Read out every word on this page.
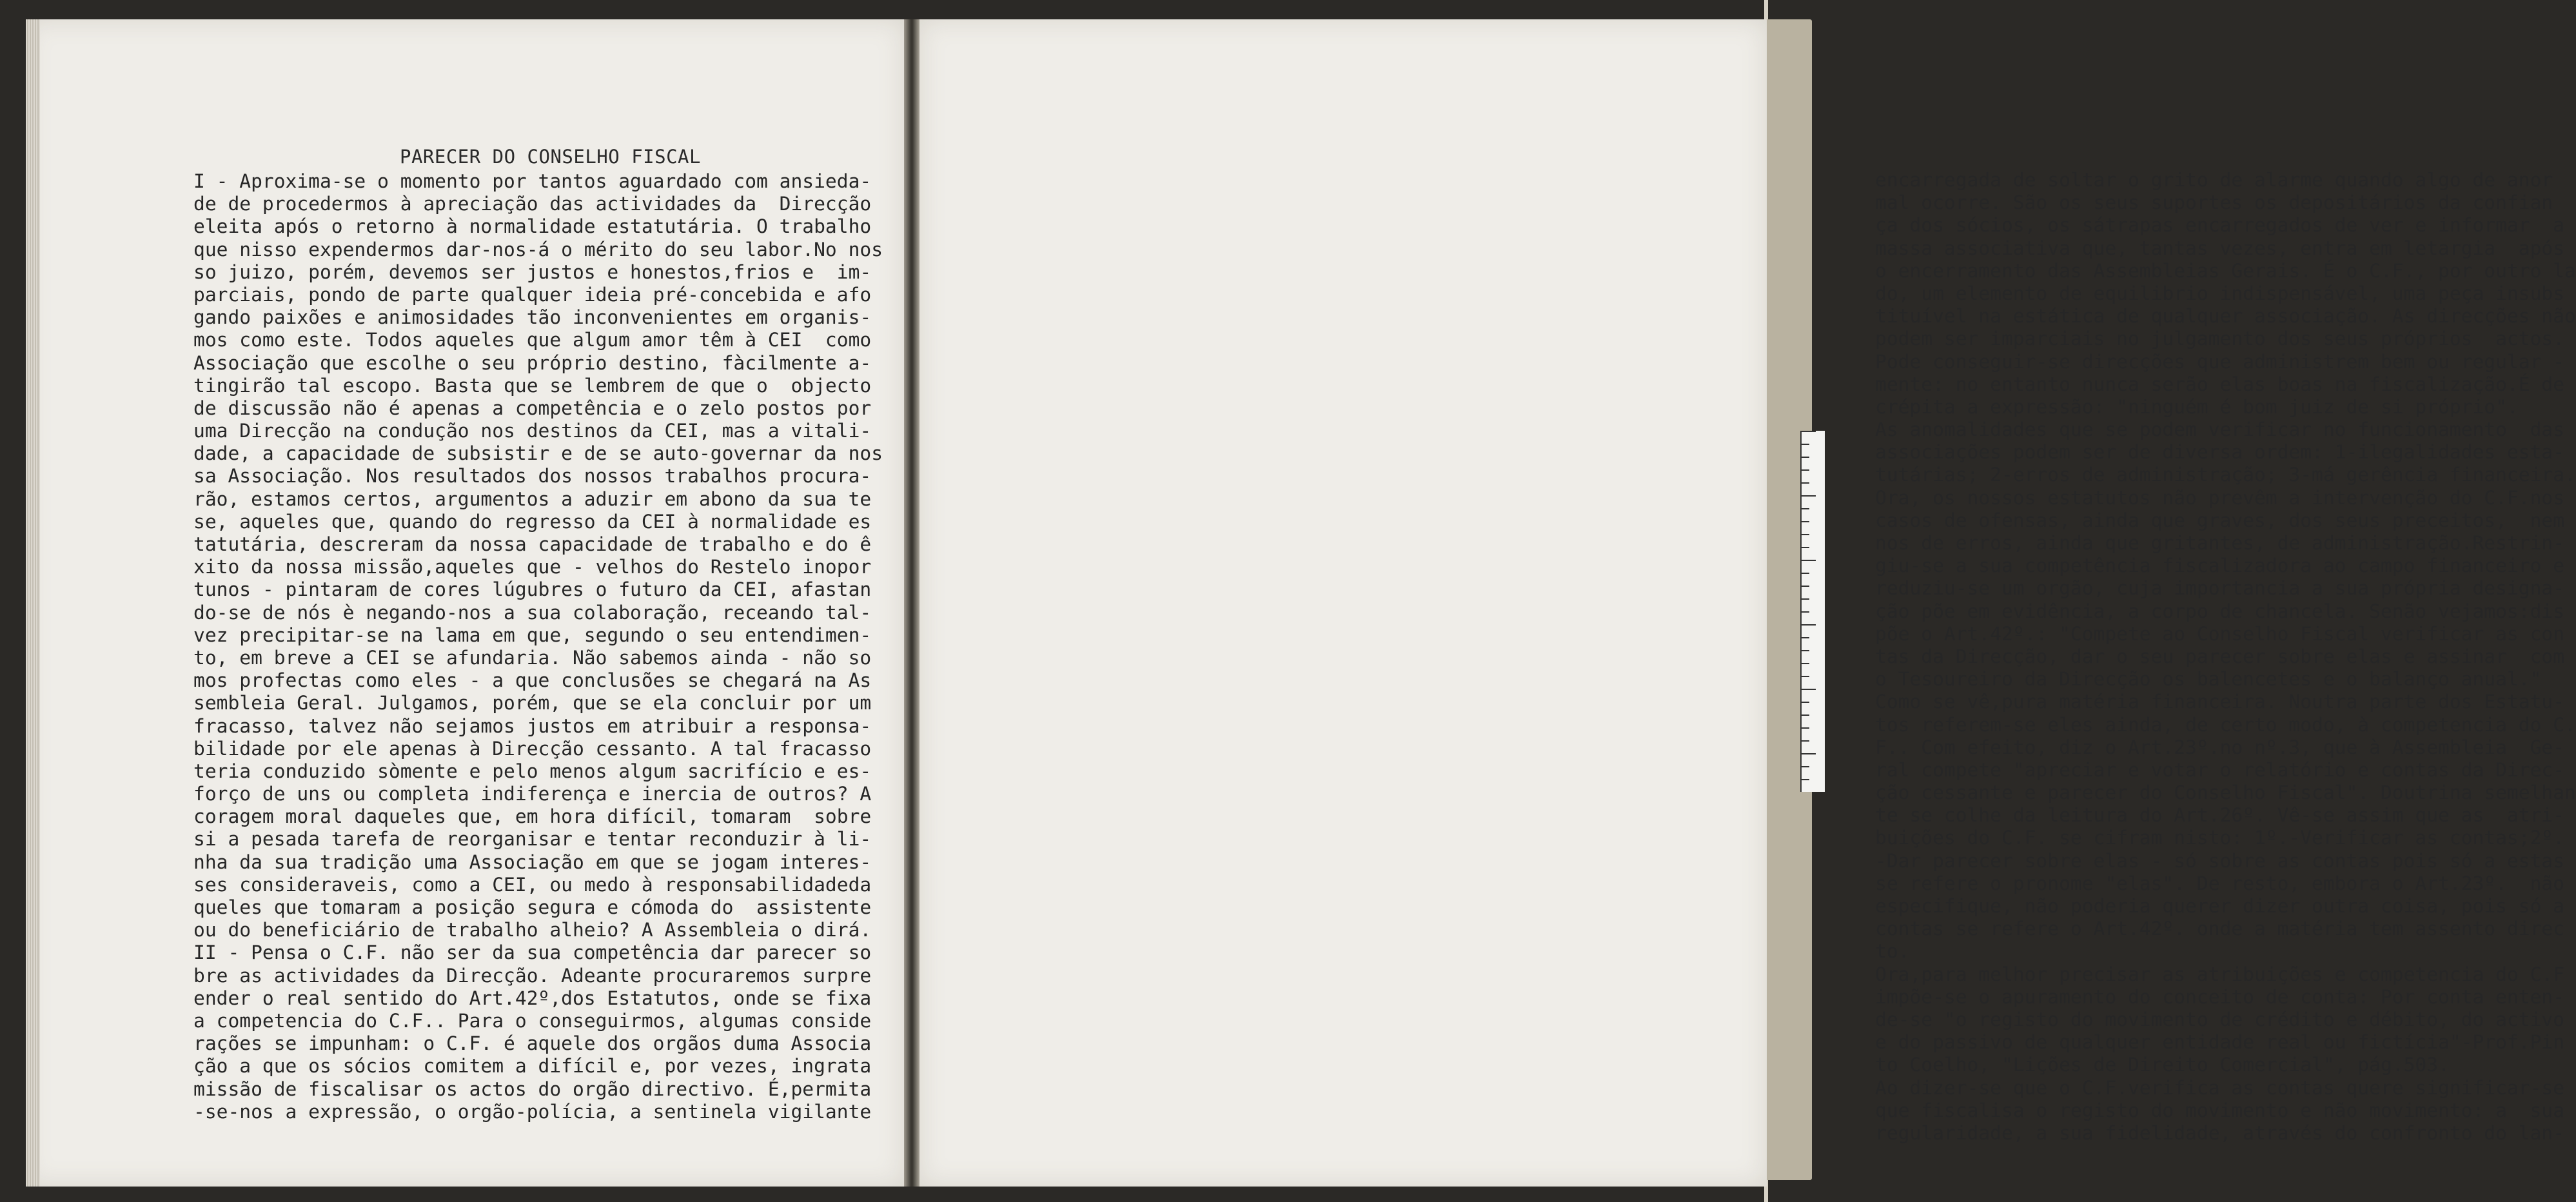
PARECER DO CONSELHO FISCAL
I - Aproxima-se o momento por tantos aguardado com ansieda-
de de procedermos à apreciação das actividades da  Direcção
eleita após o retorno à normalidade estatutária. O trabalho
que nisso expendermos dar-nos-á o mérito do seu labor.No nos
so juizo, porém, devemos ser justos e honestos,frios e  im-
parciais, pondo de parte qualquer ideia pré-concebida e afo
gando paixões e animosidades tão inconvenientes em organis-
mos como este. Todos aqueles que algum amor têm à CEI  como
Associação que escolhe o seu próprio destino, fàcilmente a-
tingirão tal escopo. Basta que se lembrem de que o  objecto
de discussão não é apenas a competência e o zelo postos por
uma Direcção na condução nos destinos da CEI, mas a vitali-
dade, a capacidade de subsistir e de se auto-governar da nos
sa Associação. Nos resultados dos nossos trabalhos procura-
rão, estamos certos, argumentos a aduzir em abono da sua te
se, aqueles que, quando do regresso da CEI à normalidade es
tatutária, descreram da nossa capacidade de trabalho e do ê
xito da nossa missão,aqueles que - velhos do Restelo inopor
tunos - pintaram de cores lúgubres o futuro da CEI, afastan
do-se de nós è negando-nos a sua colaboração, receando tal-
vez precipitar-se na lama em que, segundo o seu entendimen-
to, em breve a CEI se afundaria. Não sabemos ainda - não so
mos profectas como eles - a que conclusões se chegará na As
sembleia Geral. Julgamos, porém, que se ela concluir por um
fracasso, talvez não sejamos justos em atribuir a responsa-
bilidade por ele apenas à Direcção cessanto. A tal fracasso
teria conduzido sòmente e pelo menos algum sacrifício e es-
forço de uns ou completa indiferença e inercia de outros? A
coragem moral daqueles que, em hora difícil, tomaram  sobre
si a pesada tarefa de reorganisar e tentar reconduzir à li-
nha da sua tradição uma Associação em que se jogam interes-
ses consideraveis, como a CEI, ou medo à responsabilidadeda
queles que tomaram a posição segura e cómoda do  assistente
ou do beneficiário de trabalho alheio? A Assembleia o dirá.
II - Pensa o C.F. não ser da sua competência dar parecer so
bre as actividades da Direcção. Adeante procuraremos surpre
ender o real sentido do Art.42º,dos Estatutos, onde se fixa
a competencia do C.F.. Para o conseguirmos, algumas conside
rações se impunham: o C.F. é aquele dos orgãos duma Associa
ção a que os sócios comitem a difícil e, por vezes, ingrata
missão de fiscalisar os actos do orgão directivo. É,permita
-se-nos a expressão, o orgão-polícia, a sentinela vigilante
encarregada de soltar o grito de alarme quando algo de anor
mal ocorre. São os seus suportes os depositários da confian
ça dos sócios, os sátrapas encarregados de ver e informar  a
massa associativa que, tantas vezes, entra em letargia  após
o encerramento das Assembleias Gerais. É o C.F., por outro la
do, um elemento de equilibrio indispensável, uma peça insubs
tituível na estática de qualquer associação. As direcções não
podem ser imparciais no julgamento dos seus próprios  actos.
Pode conseguir-se direcções que administrem bem ou regular -
mente: no entanto nunca serão elas boas na fiscalização.É de
crépita a expressão: "ninguém é bom juiz de si próprio".
As anomalidades que se podem verificar no funcionamento  das
associações podem ser de diversa ordem: 1-ilegalidades esta-
tutárias; 2-erros de administração; 3-má gerência financeira.
Ora, os nossos estatutos não prevêm a intervenção do C.F.nos
casos de ofensas, ainda que graves, dos seus preceitos,  nem
nos de erros, ainda que gritantes, de administração.Restrin-
giu-se a sua competência fiscalizadora ao campo financeiro e
reduziu-se um orgão, cuja importancia a sua própria designa-
ção põe em evidência, a corpo de chancela. Senão vejamos:dis
põe o Art.42º.: "Compete ao Conselho Fiscal verificar as con
tas da Direcção, dar o seu parecer sobre elas e assinar  com
o Tesoureiro da Direcção os balencetes e o balanço anual."
Como se vê,pura matéria financeira. Noutra parte dos Estatu-
tos referem-se eles ainda, de certo modo, à competencia do C.
F.. Com efeito, diz o Art.23º.no nº.3, que à Assembleia  Ge-
ral compete "apreciar e votar o relatório e contas da Direc-
ção cessante e parecer do Conselho Fiscal". Doutrina semelhan
te se colhe da leitura do Art.26º. Vê-se assim que as  atri-
buições do C.F. se cifram nisto: 1º.-Verificar as contas;2º.
-Dar parecer sobre elas - só sobre as contas pois só a estas
se refere o pronome "elas". De resto, embora o Art.23º.  não
especifique, não poderia querer dizer outra coisa, pois só a
contas se refere o Art.42º. onde a matéria tem assento direc
to.
Ora,para melhor precisar as atribuições e competencia do C.F
impõe-se o apuramento do conceito de conta: Por conta enten-
de-se "o registo do movimento de crédito e débito, do activo
e do passivo de qualquer entidade real ou fictícia"-Prof.Pin
to Coelho, "Lições de Direito Comercial", pág.503.
Ao dizer-se que o C.F.verifica as contas quere significar-se
que fiscalisa o registo do movimento e não movimento: a  sua
regularidade, a sua fidelidade, através do confronto do lan-
